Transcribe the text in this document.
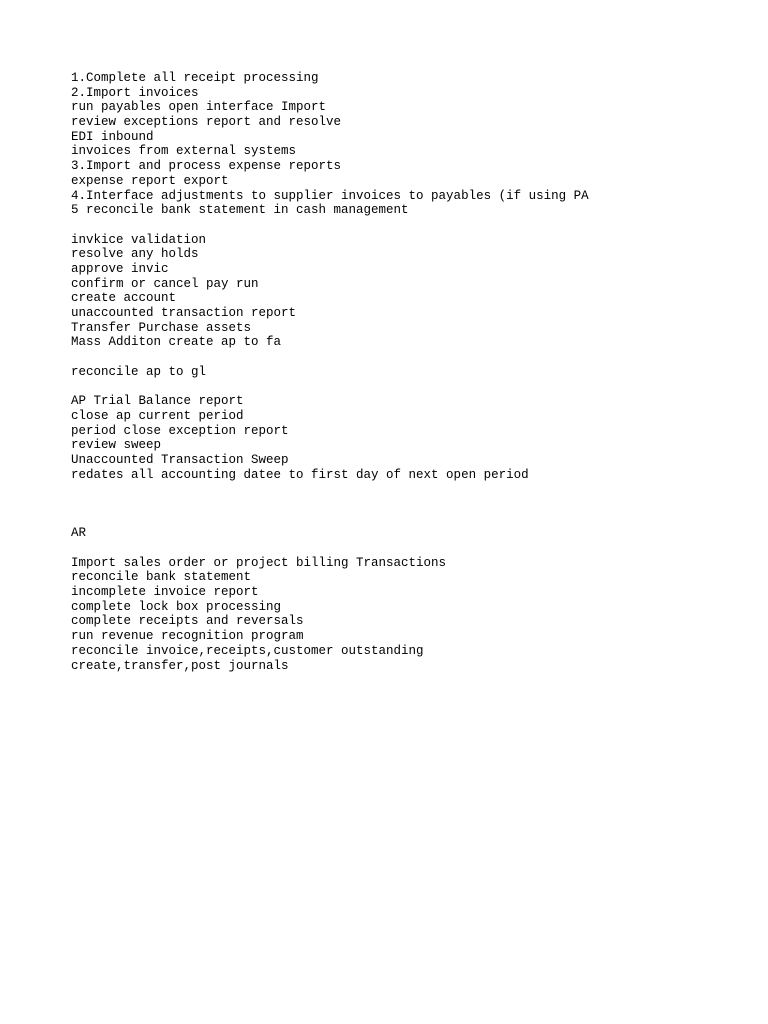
1.Complete all receipt processing
2.Import invoices
run payables open interface Import
review exceptions report and resolve
EDI inbound
invoices from external systems
3.Import and process expense reports
expense report export
4.Interface adjustments to supplier invoices to payables (if using PA
5 reconcile bank statement in cash management
invkice validation
resolve any holds
approve invic
confirm or cancel pay run
create account
unaccounted transaction report
Transfer Purchase assets
Mass Additon create ap to fa
reconcile ap to gl
AP Trial Balance report
close ap current period
period close exception report
review sweep
Unaccounted Transaction Sweep
redates all accounting datee to first day of next open period
AR
Import sales order or project billing Transactions
reconcile bank statement
incomplete invoice report
complete lock box processing
complete receipts and reversals
run revenue recognition program
reconcile invoice,receipts,customer outstanding
create,transfer,post journals
